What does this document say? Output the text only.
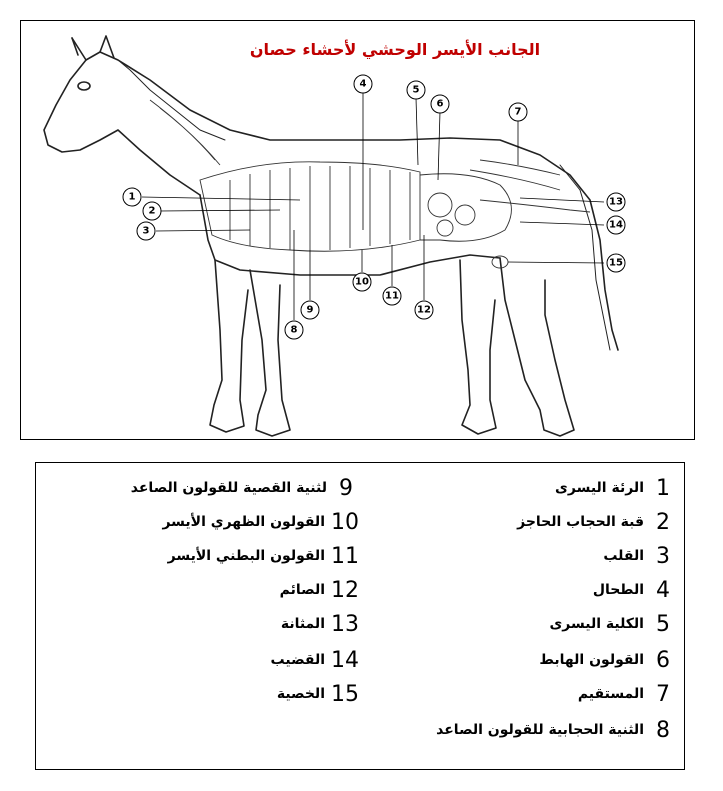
1
2
3
4
5
6
7
8
9
10
11
12
13
14
15
الجانب الأيسر الوحشي لأحشاء حصان
1
الرئة اليسرى
2
قبة الحجاب الحاجز
3
القلب
4
الطحال
5
الكلية اليسرى
6
القولون الهابط
7
المستقيم
8
الثنية الحجابية للقولون الصاعد
9
لثنية القصية للقولون الصاعد
10
القولون الظهري الأيسر
11
القولون البطني الأيسر
12
الصائم
13
المثانة
14
القضيب
15
الخصية
